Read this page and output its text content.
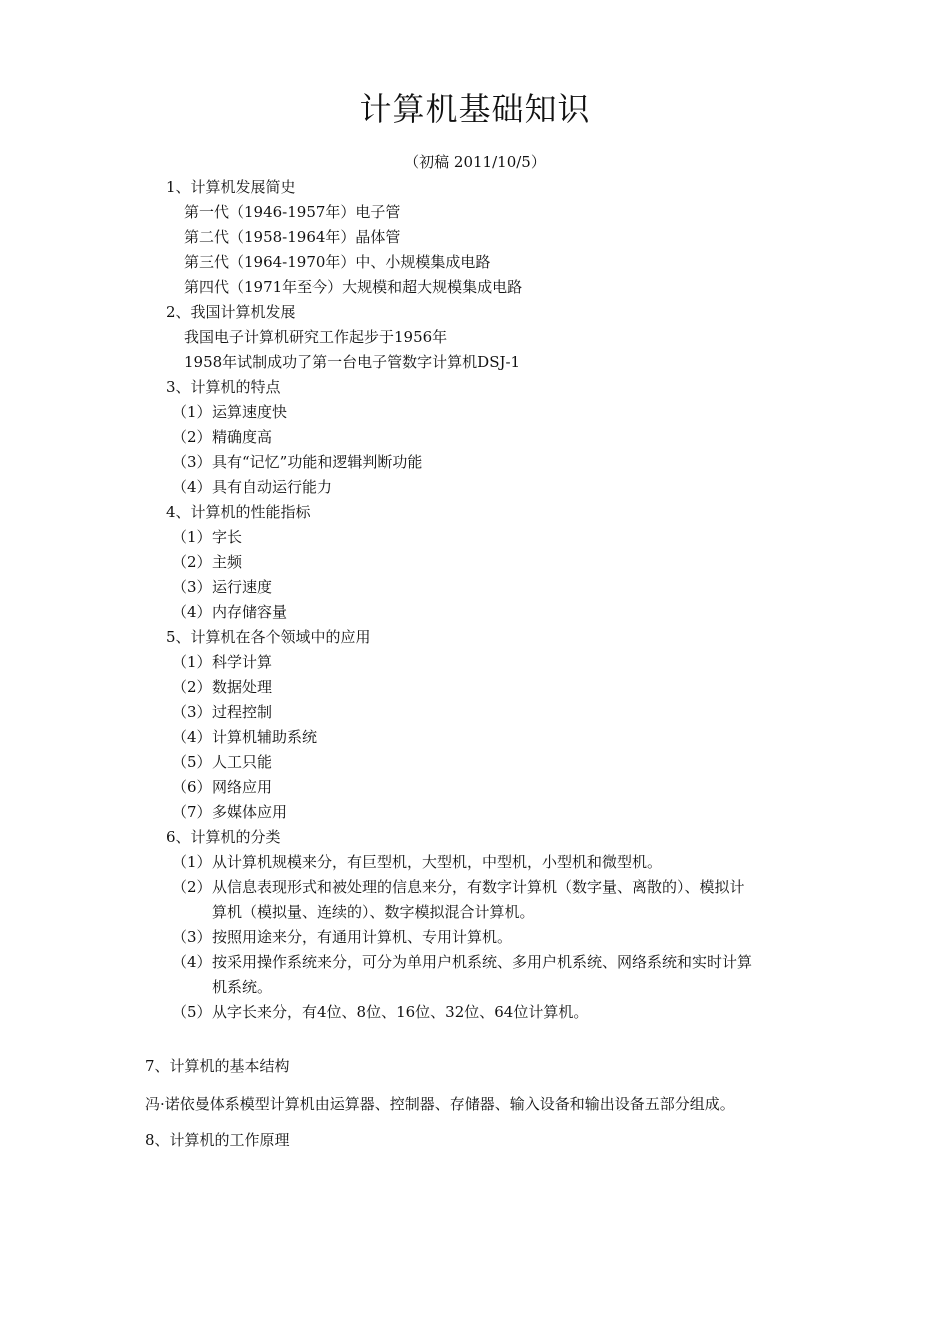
计算机基础知识
（初稿 2011/10/5）
1、计算机发展简史
第一代（1946-1957年）电子管
第二代（1958-1964年）晶体管
第三代（1964-1970年）中、小规模集成电路
第四代（1971年至今）大规模和超大规模集成电路
2、我国计算机发展
我国电子计算机研究工作起步于1956年
1958年试制成功了第一台电子管数字计算机DSJ-1
3、计算机的特点
（1）运算速度快
（2）精确度高
（3）具有“记忆”功能和逻辑判断功能
（4）具有自动运行能力
4、计算机的性能指标
（1）字长
（2）主频
（3）运行速度
（4）内存储容量
5、计算机在各个领域中的应用
（1）科学计算
（2）数据处理
（3）过程控制
（4）计算机辅助系统
（5）人工只能
（6）网络应用
（7）多媒体应用
6、计算机的分类
（1）从计算机规模来分，有巨型机，大型机，中型机，小型机和微型机。
（2）从信息表现形式和被处理的信息来分，有数字计算机（数字量、离散的）、模拟计
算机（模拟量、连续的）、数字模拟混合计算机。
（3）按照用途来分，有通用计算机、专用计算机。
（4）按采用操作系统来分，可分为单用户机系统、多用户机系统、网络系统和实时计算
机系统。
（5）从字长来分，有4位、8位、16位、32位、64位计算机。
7、计算机的基本结构
冯·诺依曼体系模型计算机由运算器、控制器、存储器、输入设备和输出设备五部分组成。
8、计算机的工作原理
